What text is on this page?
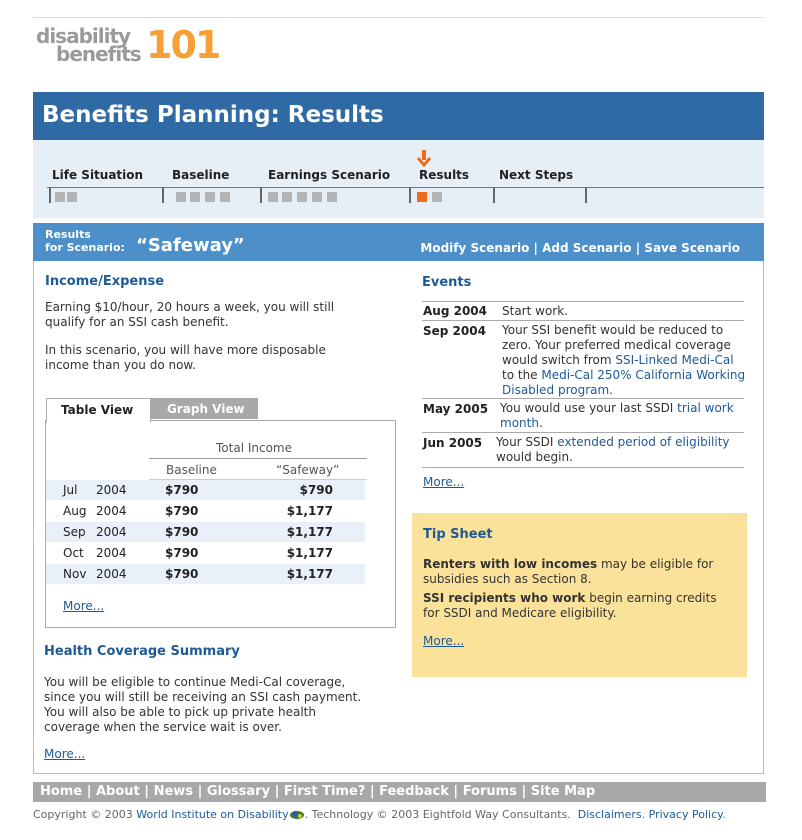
disability
benefits 101
Benefits Planning: Results
Life Situation Baseline	Earnings Scenario Results Next Steps
Results
for Scenario: “Safeway”	Modify Scenario | Add Scenario | Save Scenario
Income/Expense
Earning $10/hour, 20 hours a week, you will still qualify for an SSI cash benefit.
In this scenario, you will have more disposable income than you do now.
Table View	Graph View
Total Income
Baseline	“Safeway”
Jul 2004	$790	$790
Aug 2004	$790	$1,177
Sep 2004	$790	$1,177
Oct 2004	$790	$1,177
Nov 2004	$790	$1,177
More...
Health Coverage Summary
You will be eligible to continue Medi-Cal coverage, since you will still be receiving an SSI cash payment. You will also be able to pick up private health coverage when the service wait is over.
More...
Events
Aug 2004 Start work.
Sep 2004 Your SSI benefit would be reduced to zero. Your preferred medical coverage would switch from SSI-Linked Medi-Cal to the Medi-Cal 250% California Working Disabled program.
May 2005 You would use your last SSDI trial work month.
Jun 2005 Your SSDI extended period of eligibility would begin.
More...
Tip Sheet
Renters with low incomes may be eligible for subsidies such as Section 8.
SSI recipients who work begin earning credits for SSDI and Medicare eligibility.
More...
Home | About | News | Glossary | First Time? | Feedback | Forums | Site Map
Copyright © 2003 World Institute on Disability . Technology © 2003 Eightfold Way Consultants. Disclaimers. Privacy Policy.
